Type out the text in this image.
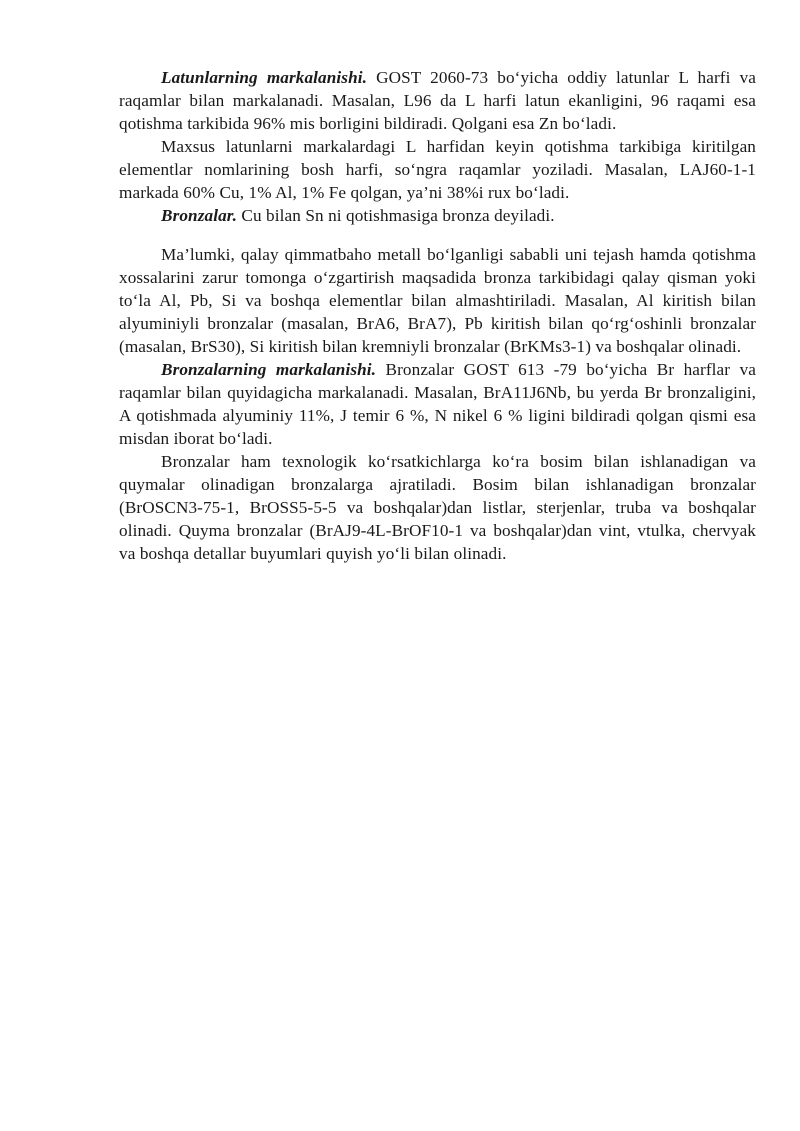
Latunlarning markalanishi. GOST 2060-73 bo‘yicha oddiy latunlar L harfi va raqamlar bilan markalanadi. Masalan, L96 da L harfi latun ekanligini, 96 raqami esa qotishma tarkibida 96% mis borligini bildiradi. Qolgani esa Zn bo‘ladi.

Maxsus latunlarni markalardagi L harfidan keyin qotishma tarkibiga kiritilgan elementlar nomlarining bosh harfi, so‘ngra raqamlar yoziladi. Masalan, LAJ60-1-1 markada 60% Cu, 1% Al, 1% Fe qolgan, ya’ni 38%i rux bo‘ladi.

Bronzalar. Cu bilan Sn ni qotishmasiga bronza deyiladi.

Ma’lumki, qalay qimmatbaho metall bo‘lganligi sababli uni tejash hamda qotishma xossalarini zarur tomonga o‘zgartirish maqsadida bronza tarkibidagi qalay qisman yoki to‘la Al, Pb, Si va boshqa elementlar bilan almashtiriladi. Masalan, Al kiritish bilan alyuminiyli bronzalar (masalan, BrA6, BrA7), Pb kiritish bilan qo‘rg‘oshinli bronzalar (masalan, BrS30), Si kiritish bilan kremniyli bronzalar (BrKMs3-1) va boshqalar olinadi.

Bronzalarning markalanishi. Bronzalar GOST 613 -79 bo‘yicha Br harflar va raqamlar bilan quyidagicha markalanadi. Masalan, BrA11J6Nb, bu yerda Br bronzaligini, A qotishmada alyuminiy 11%, J temir 6 %, N nikel 6 % ligini bildiradi qolgan qismi esa misdan iborat bo‘ladi.

Bronzalar ham texnologik ko‘rsatkichlarga ko‘ra bosim bilan ishlanadigan va quymalar olinadigan bronzalarga ajratiladi. Bosim bilan ishlanadigan bronzalar (BrOSCN3-75-1, BrOSS5-5-5 va boshqalar)dan listlar, sterjenlar, truba va boshqalar olinadi. Quyma bronzalar (BrAJ9-4L-BrOF10-1 va boshqalar)dan vint, vtulka, chervyak va boshqa detallar buyumlari quyish yo‘li bilan olinadi.
